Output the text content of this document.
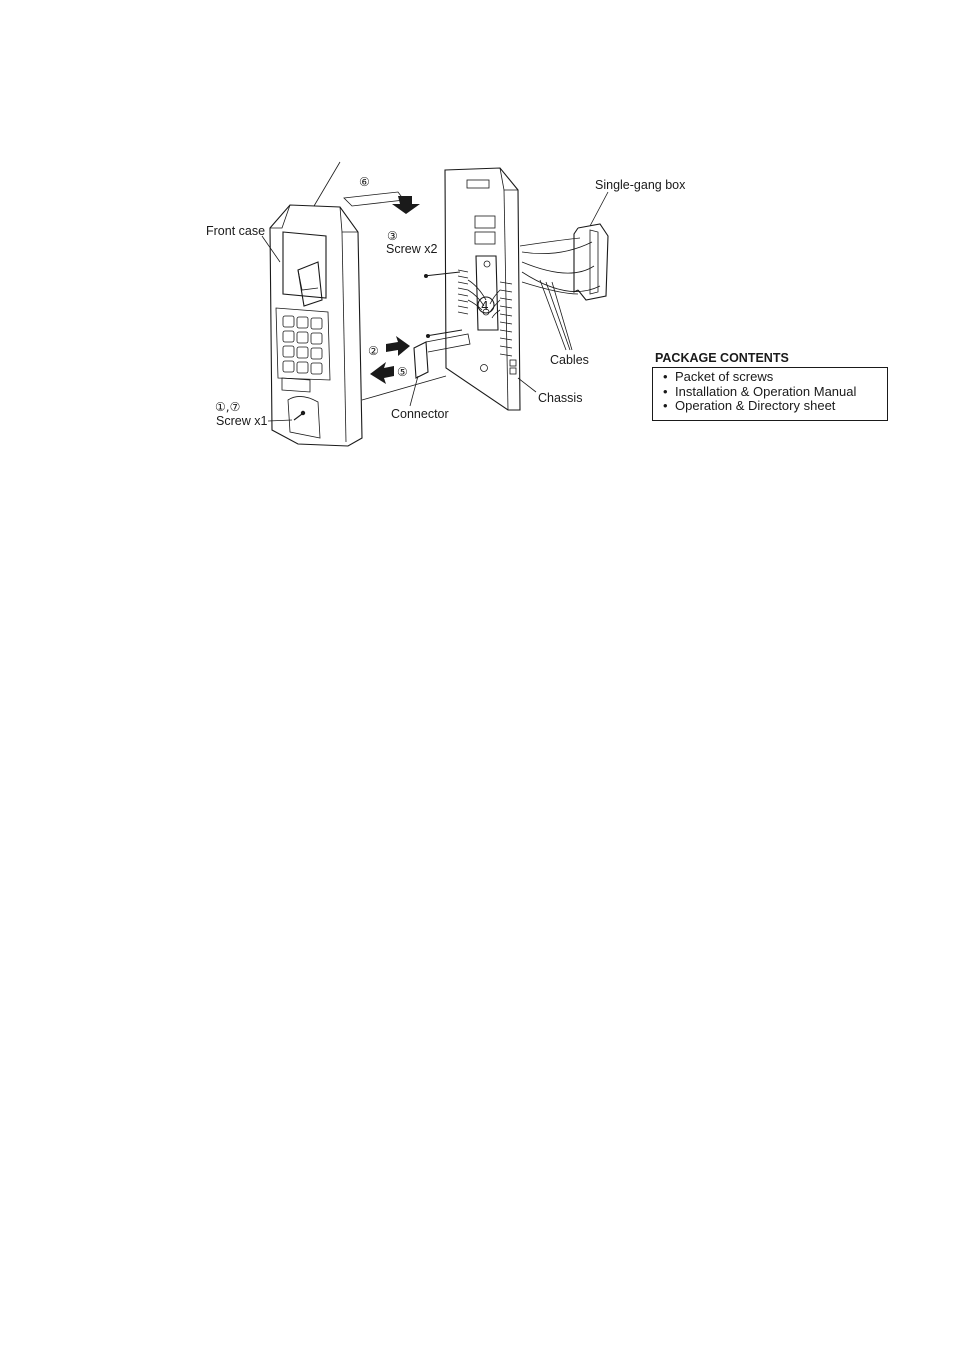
4
Front case
Single-gang box
⑥
③
Screw x2
②
⑤
Cables
Chassis
Connector
①,⑦
Screw x1
PACKAGE CONTENTS
• Packet of screws
• Installation & Operation Manual
• Operation & Directory sheet
